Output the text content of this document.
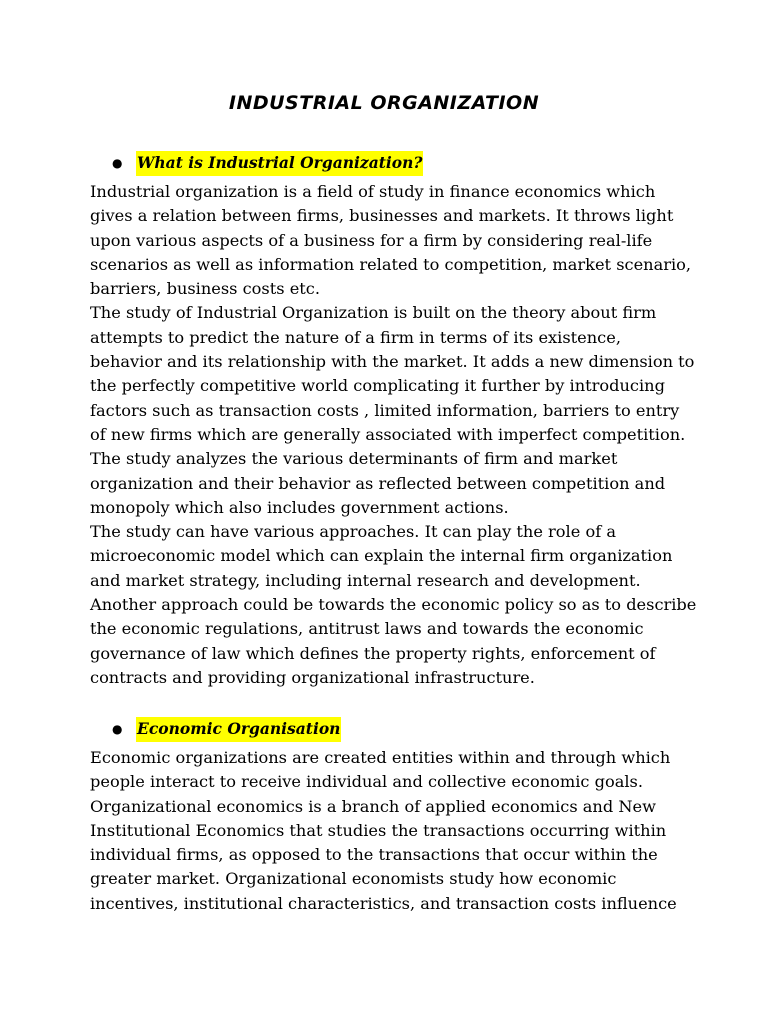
INDUSTRIAL ORGANIZATION
● What is Industrial Organization?
Industrial organization is a field of study in finance economics which
gives a relation between firms, businesses and markets. It throws light
upon various aspects of a business for a firm by considering real-life
scenarios as well as information related to competition, market scenario,
barriers, business costs etc.
The study of Industrial Organization is built on the theory about firm
attempts to predict the nature of a firm in terms of its existence,
behavior and its relationship with the market. It adds a new dimension to
the perfectly competitive world complicating it further by introducing
factors such as transaction costs , limited information, barriers to entry
of new firms which are generally associated with imperfect competition.
The study analyzes the various determinants of firm and market
organization and their behavior as reflected between competition and
monopoly which also includes government actions.
The study can have various approaches. It can play the role of a
microeconomic model which can explain the internal firm organization
and market strategy, including internal research and development.
Another approach could be towards the economic policy so as to describe
the economic regulations, antitrust laws and towards the economic
governance of law which defines the property rights, enforcement of
contracts and providing organizational infrastructure.
● Economic Organisation
Economic organizations are created entities within and through which
people interact to receive individual and collective economic goals.
Organizational economics is a branch of applied economics and New
Institutional Economics that studies the transactions occurring within
individual firms, as opposed to the transactions that occur within the
greater market. Organizational economists study how economic
incentives, institutional characteristics, and transaction costs influence
